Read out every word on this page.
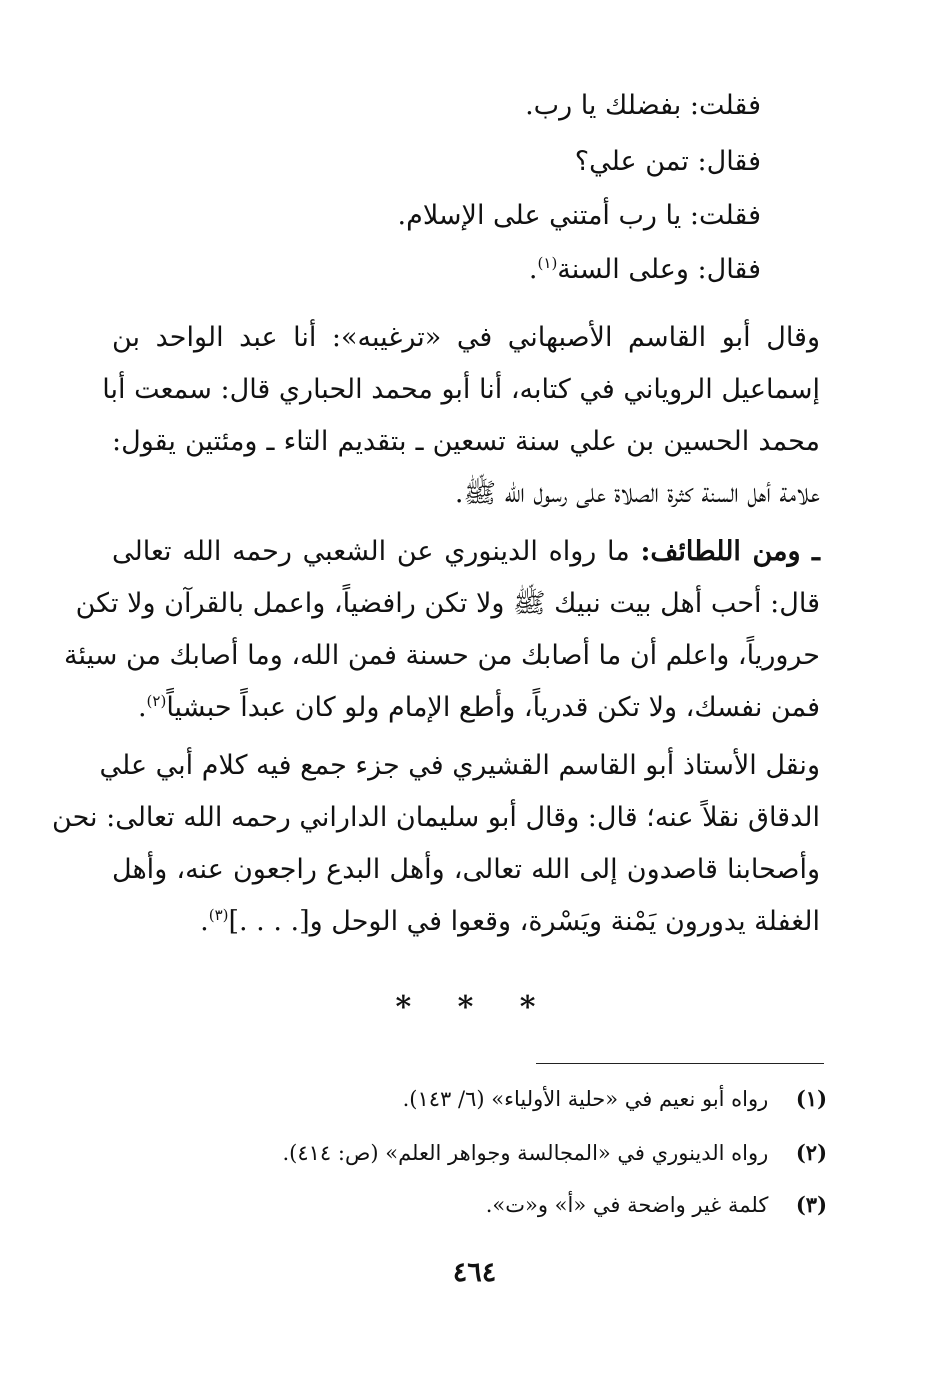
فقلت: بفضلك يا رب.
فقال: تمن علي؟
فقلت: يا رب أمتني على الإسلام.
فقال: وعلى السنة$^{(١)}$.
وقال أبو القاسم الأصبهاني في «ترغيبه»: أنا عبد الواحد بن
إسماعيل الروياني في كتابه، أنا أبو محمد الحباري قال: سمعت أبا
محمد الحسين بن علي سنة تسعين ـ بتقديم التاء ـ ومئتين يقول:
علامة أهل السنة كثرة الصلاة على رسول الله ﷺ.
ـ ومن اللطائف: ما رواه الدينوري عن الشعبي رحمه الله تعالى
قال: أحب أهل بيت نبيك ﷺ ولا تكن رافضياً، واعمل بالقرآن ولا تكن
حرورياً، واعلم أن ما أصابك من حسنة فمن الله، وما أصابك من سيئة
فمن نفسك، ولا تكن قدرياً، وأطع الإمام ولو كان عبداً حبشياً$^{(٢)}$.
ونقل الأستاذ أبو القاسم القشيري في جزء جمع فيه كلام أبي علي
الدقاق نقلاً عنه؛ قال: وقال أبو سليمان الداراني رحمه الله تعالى: نحن
وأصحابنا قاصدون إلى الله تعالى، وأهل البدع راجعون عنه، وأهل
الغفلة يدورون يَمْنة ويَسْرة، وقعوا في الوحل و[. . . .]$^{(٣)}$.
* * *
(١) رواه أبو نعيم في «حلية الأولياء» (٦/ ١٤٣).
(٢) رواه الدينوري في «المجالسة وجواهر العلم» (ص: ٤١٤).
(٣) كلمة غير واضحة في «أ» و«ت».
٤٦٤
